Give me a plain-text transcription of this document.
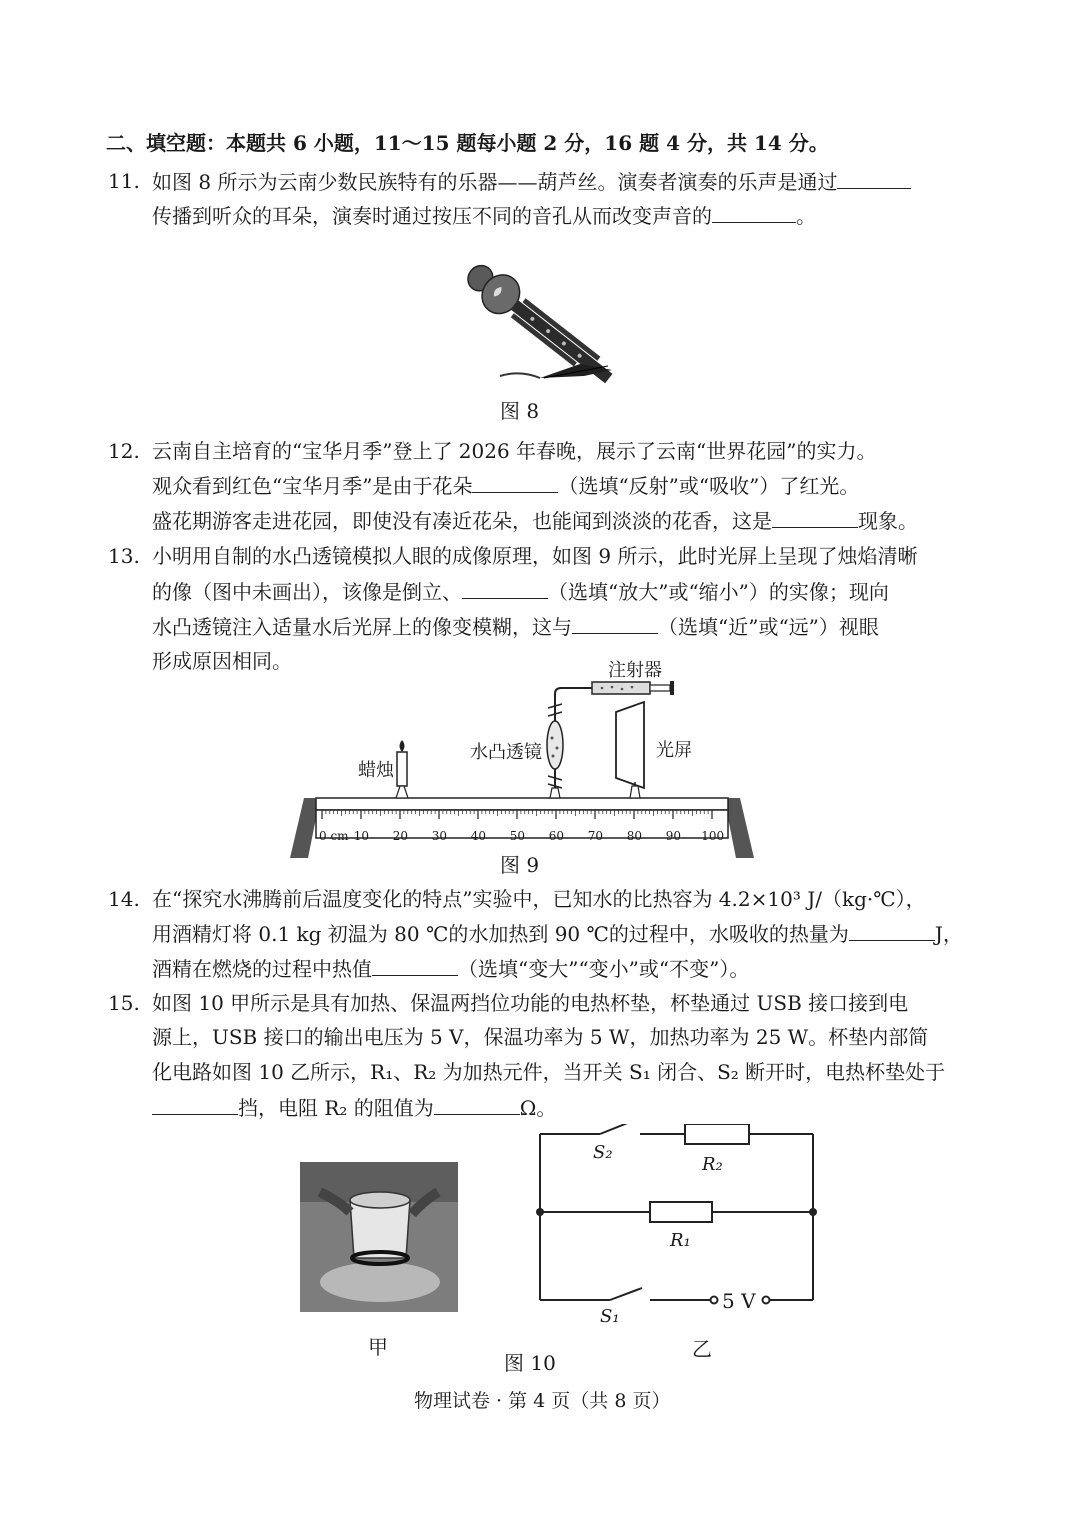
二、填空题：本题共 6 小题，11～15 题每小题 2 分，16 题 4 分，共 14 分。
11. 如图 8 所示为云南少数民族特有的乐器——葫芦丝。演奏者演奏的乐声是通过
传播到听众的耳朵，演奏时通过按压不同的音孔从而改变声音的	。
图 8
12. 云南自主培育的“宝华月季”登上了 2026 年春晚，展示了云南“世界花园”的实力。
观众看到红色“宝华月季”是由于花朵	（选填“反射”或“吸收”）了红光。
盛花期游客走进花园，即使没有凑近花朵，也能闻到淡淡的花香，这是	现象。
13. 小明用自制的水凸透镜模拟人眼的成像原理，如图 9 所示，此时光屏上呈现了烛焰清晰
的像（图中未画出），该像是倒立、	（选填“放大”或“缩小”）的实像；现向
水凸透镜注入适量水后光屏上的像变模糊，这与	（选填“近”或“远”）视眼
形成原因相同。	注射器
水凸透镜	光屏
蜡烛
0 cm 10 20 30 40 50 60 70 80 90 100
图 9
14. 在“探究水沸腾前后温度变化的特点”实验中，已知水的比热容为 4.2×10³ J/（kg·℃），
用酒精灯将 0.1 kg 初温为 80 ℃的水加热到 90 ℃的过程中，水吸收的热量为	J，
酒精在燃烧的过程中热值	（选填“变大”“变小”或“不变”）。
15. 如图 10 甲所示是具有加热、保温两挡位功能的电热杯垫，杯垫通过 USB 接口接到电
源上，USB 接口的输出电压为 5 V，保温功率为 5 W，加热功率为 25 W。杯垫内部简
化电路如图 10 乙所示，R₁、R₂ 为加热元件，当开关 S₁ 闭合、S₂ 断开时，电热杯垫处于
挡，电阻 R₂ 的阻值为	Ω。
甲
S₂
R₂
R₁
S₁
5 V
乙
图 10
物理试卷 · 第 4 页（共 8 页）
